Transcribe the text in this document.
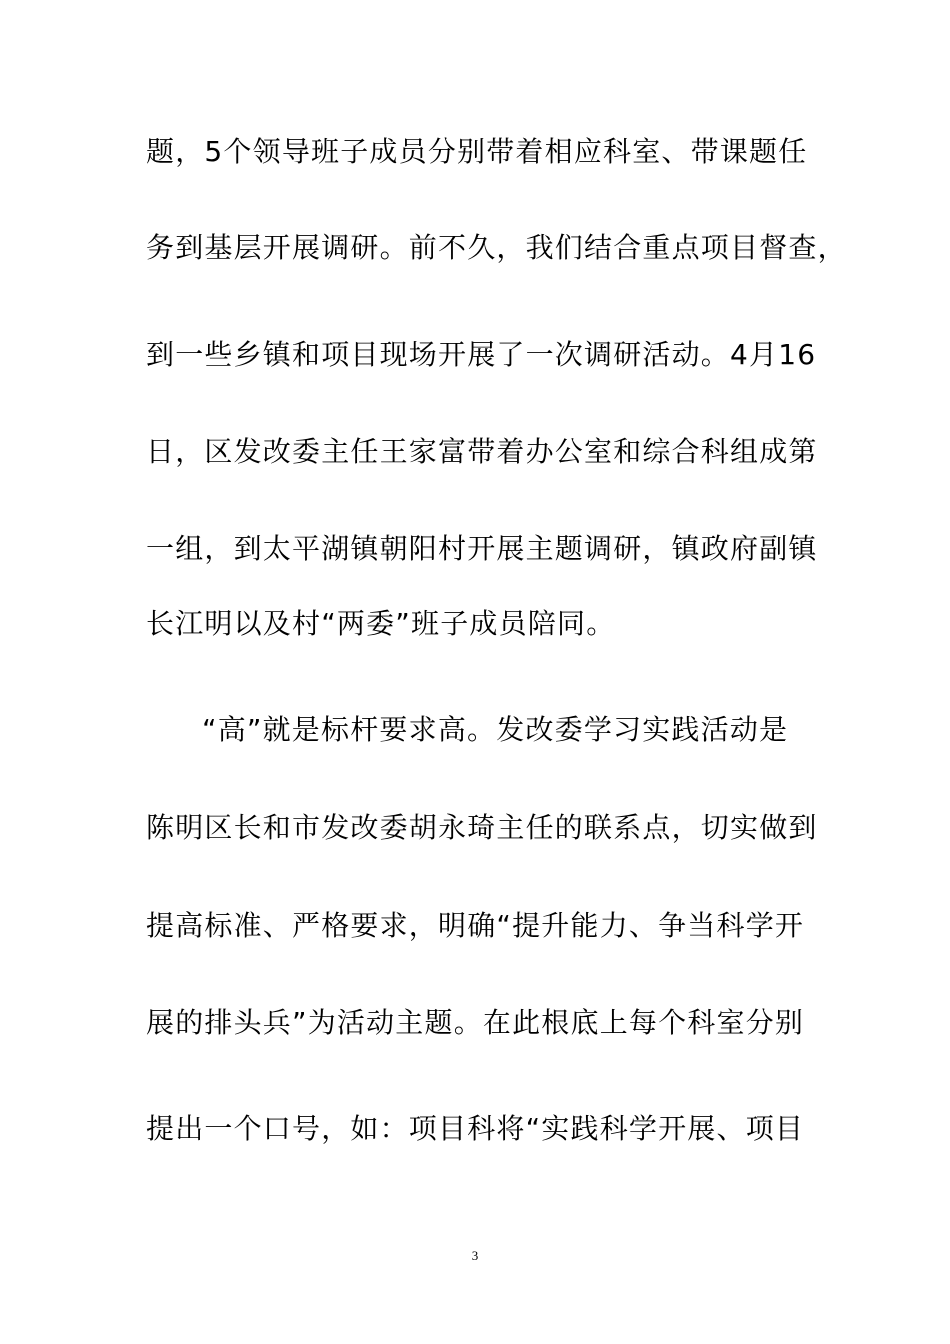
题，5个领导班子成员分别带着相应科室、带课题任
务到基层开展调研。前不久，我们结合重点项目督查，
到一些乡镇和项目现场开展了一次调研活动。4月16
日，区发改委主任王家富带着办公室和综合科组成第
一组，到太平湖镇朝阳村开展主题调研，镇政府副镇
长江明以及村“两委”班子成员陪同。
“高”就是标杆要求高。发改委学习实践活动是
陈明区长和市发改委胡永琦主任的联系点，切实做到
提高标准、严格要求，明确“提升能力、争当科学开
展的排头兵”为活动主题。在此根底上每个科室分别
提出一个口号，如：项目科将“实践科学开展、项目
3
